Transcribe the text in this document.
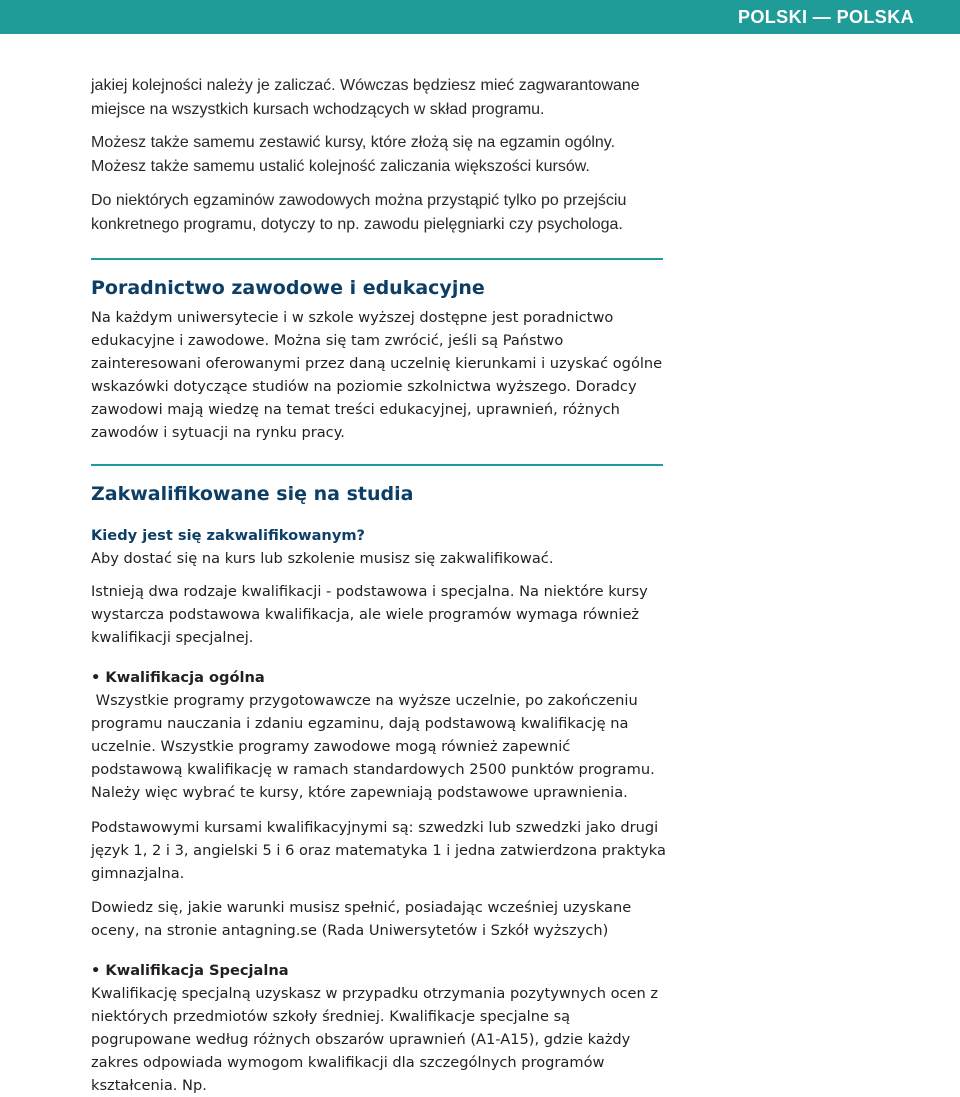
POLSKI — POLSKA

jakiej kolejności należy je zaliczać. Wówczas będziesz mieć zagwarantowane miejsce na wszystkich kursach wchodzących w skład programu.

Możesz także samemu zestawić kursy, które złożą się na egzamin ogólny. Możesz także samemu ustalić kolejność zaliczania większości kursów.

Do niektórych egzaminów zawodowych można przystąpić tylko po przejściu konkretnego programu, dotyczy to np. zawodu pielęgniarki czy psychologa.

Poradnictwo zawodowe i edukacyjne

Na każdym uniwersytecie i w szkole wyższej dostępne jest poradnictwo edukacyjne i zawodowe. Można się tam zwrócić, jeśli są Państwo zainteresowani oferowanymi przez daną uczelnię kierunkami i uzyskać ogólne wskazówki dotyczące studiów na poziomie szkolnictwa wyższego. Doradcy zawodowi mają wiedzę na temat treści edukacyjnej, uprawnień, różnych zawodów i sytuacji na rynku pracy.

Zakwalifikowane się na studia

Kiedy jest się zakwalifikowanym?

Aby dostać się na kurs lub szkolenie musisz się zakwalifikować.

Istnieją dwa rodzaje kwalifikacji - podstawowa i specjalna. Na niektóre kursy wystarcza podstawowa kwalifikacja, ale wiele programów wymaga również kwalifikacji specjalnej.

• Kwalifikacja ogólna

Wszystkie programy przygotowawcze na wyższe uczelnie, po zakończeniu programu nauczania i zdaniu egzaminu, dają podstawową kwalifikację na uczelnie. Wszystkie programy zawodowe mogą również zapewnić podstawową kwalifikację w ramach standardowych 2500 punktów programu. Należy więc wybrać te kursy, które zapewniają podstawowe uprawnienia.

Podstawowymi kursami kwalifikacyjnymi są: szwedzki lub szwedzki jako drugi język 1, 2 i 3, angielski 5 i 6 oraz matematyka 1 i jedna zatwierdzona praktyka gimnazjalna.

Dowiedz się, jakie warunki musisz spełnić, posiadając wcześniej uzyskane oceny, na stronie antagning.se (Rada Uniwersytetów i Szkół wyższych)

• Kwalifikacja Specjalna

Kwalifikację specjalną uzyskasz w przypadku otrzymania pozytywnych ocen z niektórych przedmiotów szkoły średniej. Kwalifikacje specjalne są pogrupowane według różnych obszarów uprawnień (A1-A15), gdzie każdy zakres odpowiada wymogom kwalifikacji dla szczególnych programów kształcenia. Np.
